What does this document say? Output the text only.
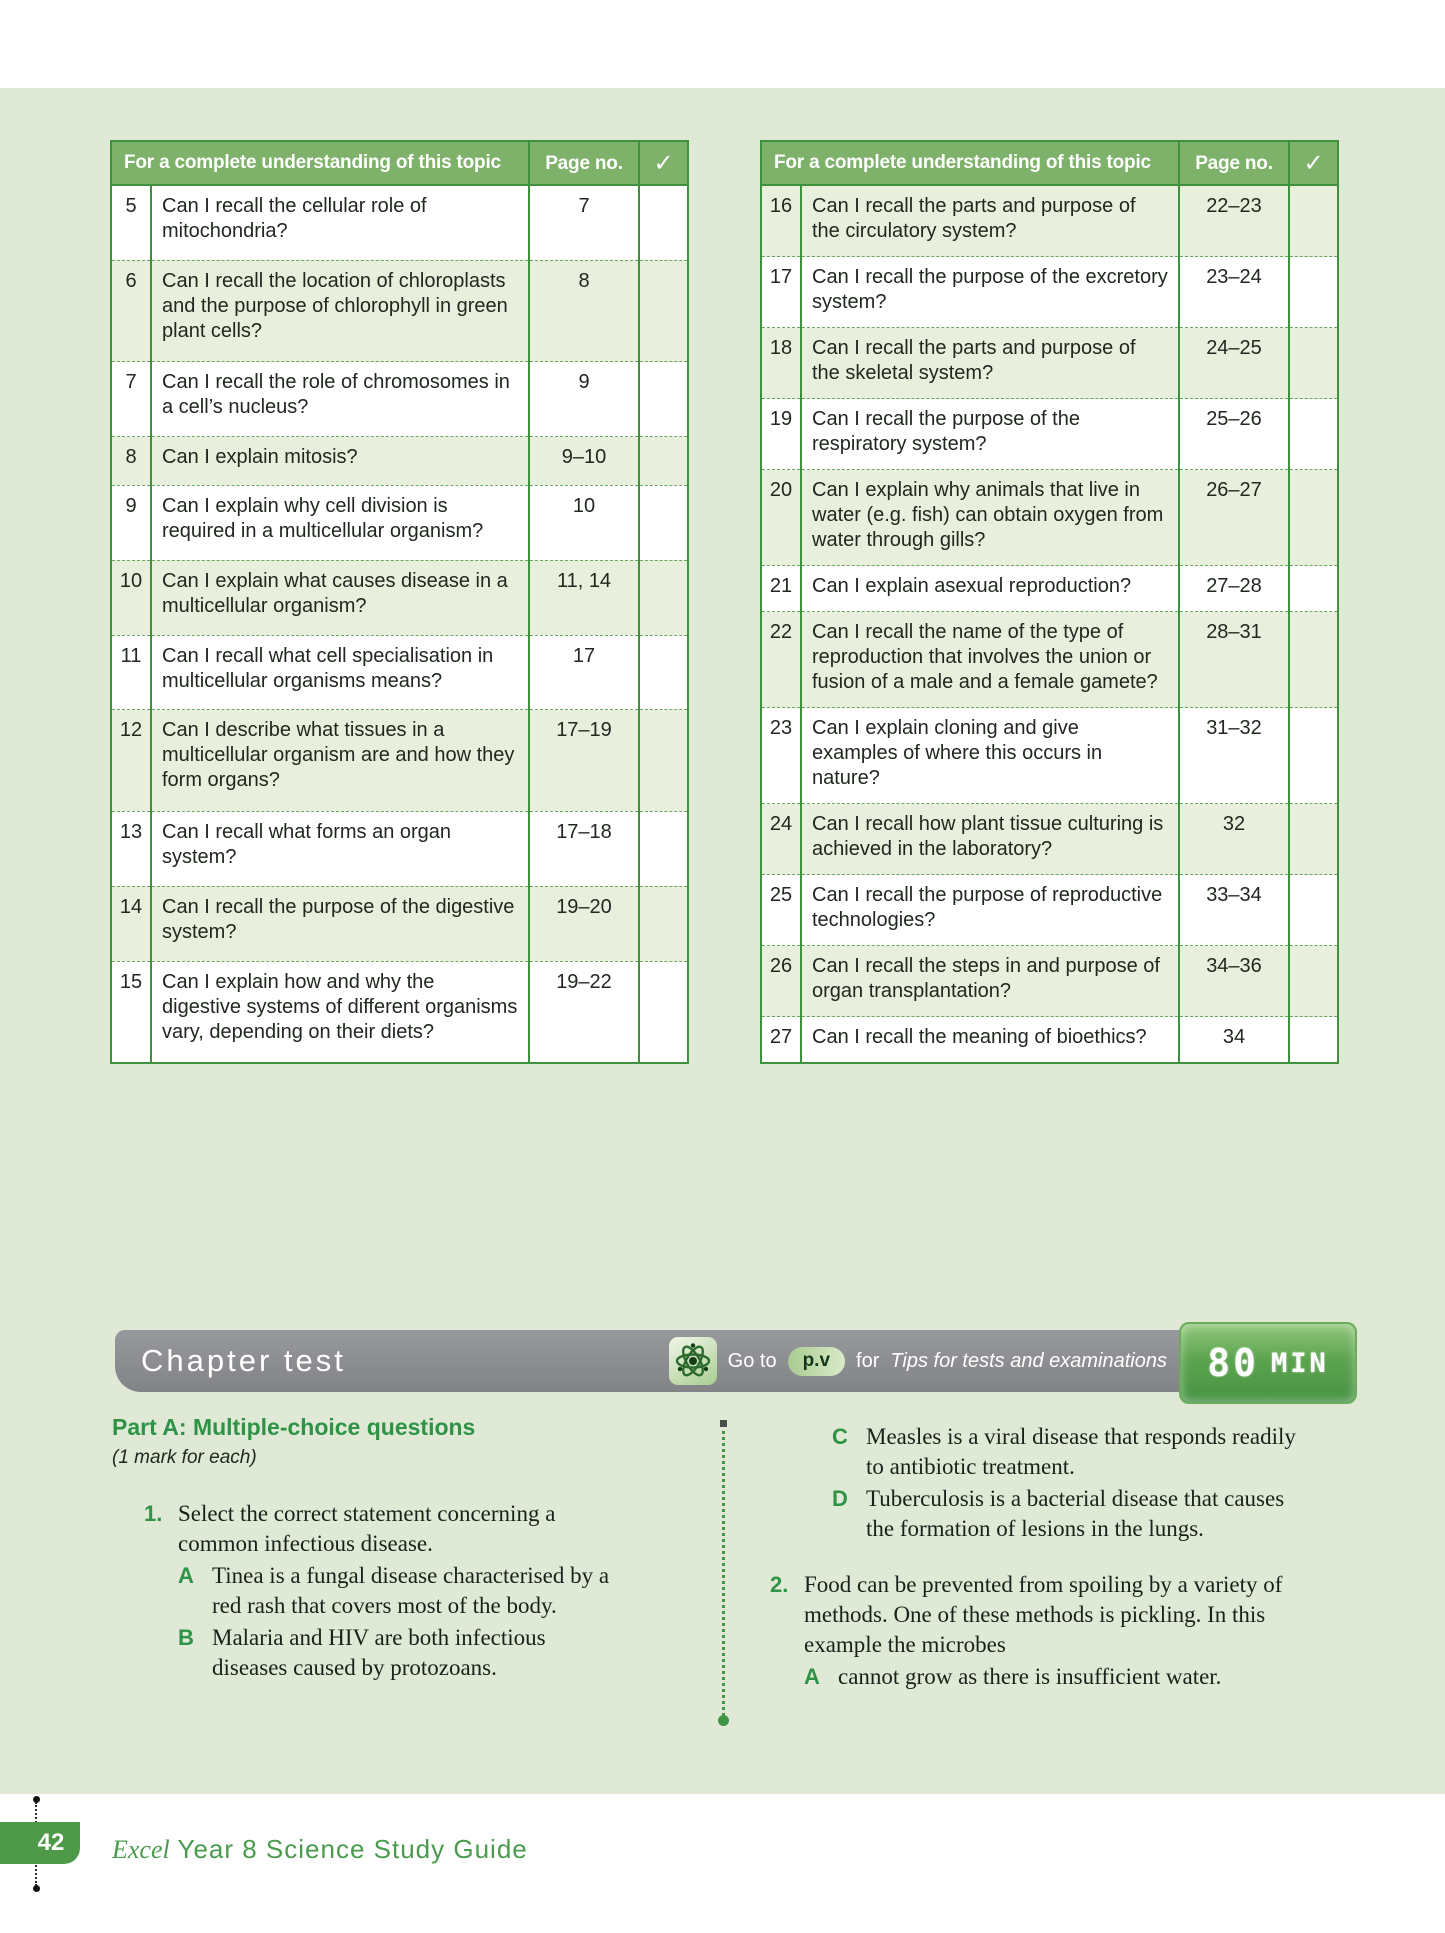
For a complete understanding of this topic		Page no.	✓
5	Can I recall the cellular role of mitochondria?	7	
6	Can I recall the location of chloroplasts and the purpose of chlorophyll in green plant cells?	8	
7	Can I recall the role of chromosomes in a cell’s nucleus?	9	
8	Can I explain mitosis?	9–10	
9	Can I explain why cell division is required in a multicellular organism?	10	
10	Can I explain what causes disease in a multicellular organism?	11, 14	
11	Can I recall what cell specialisation in multicellular organisms means?	17	
12	Can I describe what tissues in a multicellular organism are and how they form organs?	17–19	
13	Can I recall what forms an organ system?	17–18	
14	Can I recall the purpose of the digestive system?	19–20	
15	Can I explain how and why the digestive systems of different organisms vary, depending on their diets?	19–22	
For a complete understanding of this topic		Page no.	✓
16	Can I recall the parts and purpose of the circulatory system?	22–23	
17	Can I recall the purpose of the excretory system?	23–24	
18	Can I recall the parts and purpose of the skeletal system?	24–25	
19	Can I recall the purpose of the respiratory system?	25–26	
20	Can I explain why animals that live in water (e.g. fish) can obtain oxygen from water through gills?	26–27	
21	Can I explain asexual reproduction?	27–28	
22	Can I recall the name of the type of reproduction that involves the union or fusion of a male and a female gamete?	28–31	
23	Can I explain cloning and give examples of where this occurs in nature?	31–32	
24	Can I recall how plant tissue culturing is achieved in the laboratory?	32	
25	Can I recall the purpose of reproductive technologies?	33–34	
26	Can I recall the steps in and purpose of organ transplantation?	34–36	
27	Can I recall the meaning of bioethics?	34	
Chapter test	Go to	p.v	for Tips for tests and examinations 80 MIN

Part A: Multiple-choice questions

(1 mark for each)

1. Select the correct statement concerning a common infectious disease.
A Tinea is a fungal disease characterised by a red rash that covers most of the body.
B Malaria and HIV are both infectious diseases caused by protozoans.
C Measles is a viral disease that responds readily to antibiotic treatment.
D Tuberculosis is a bacterial disease that causes the formation of lesions in the lungs.
2. Food can be prevented from spoiling by a variety of methods. One of these methods is pickling. In this example the microbes
A cannot grow as there is insufficient water.
42	Excel Year 8 Science Study Guide
